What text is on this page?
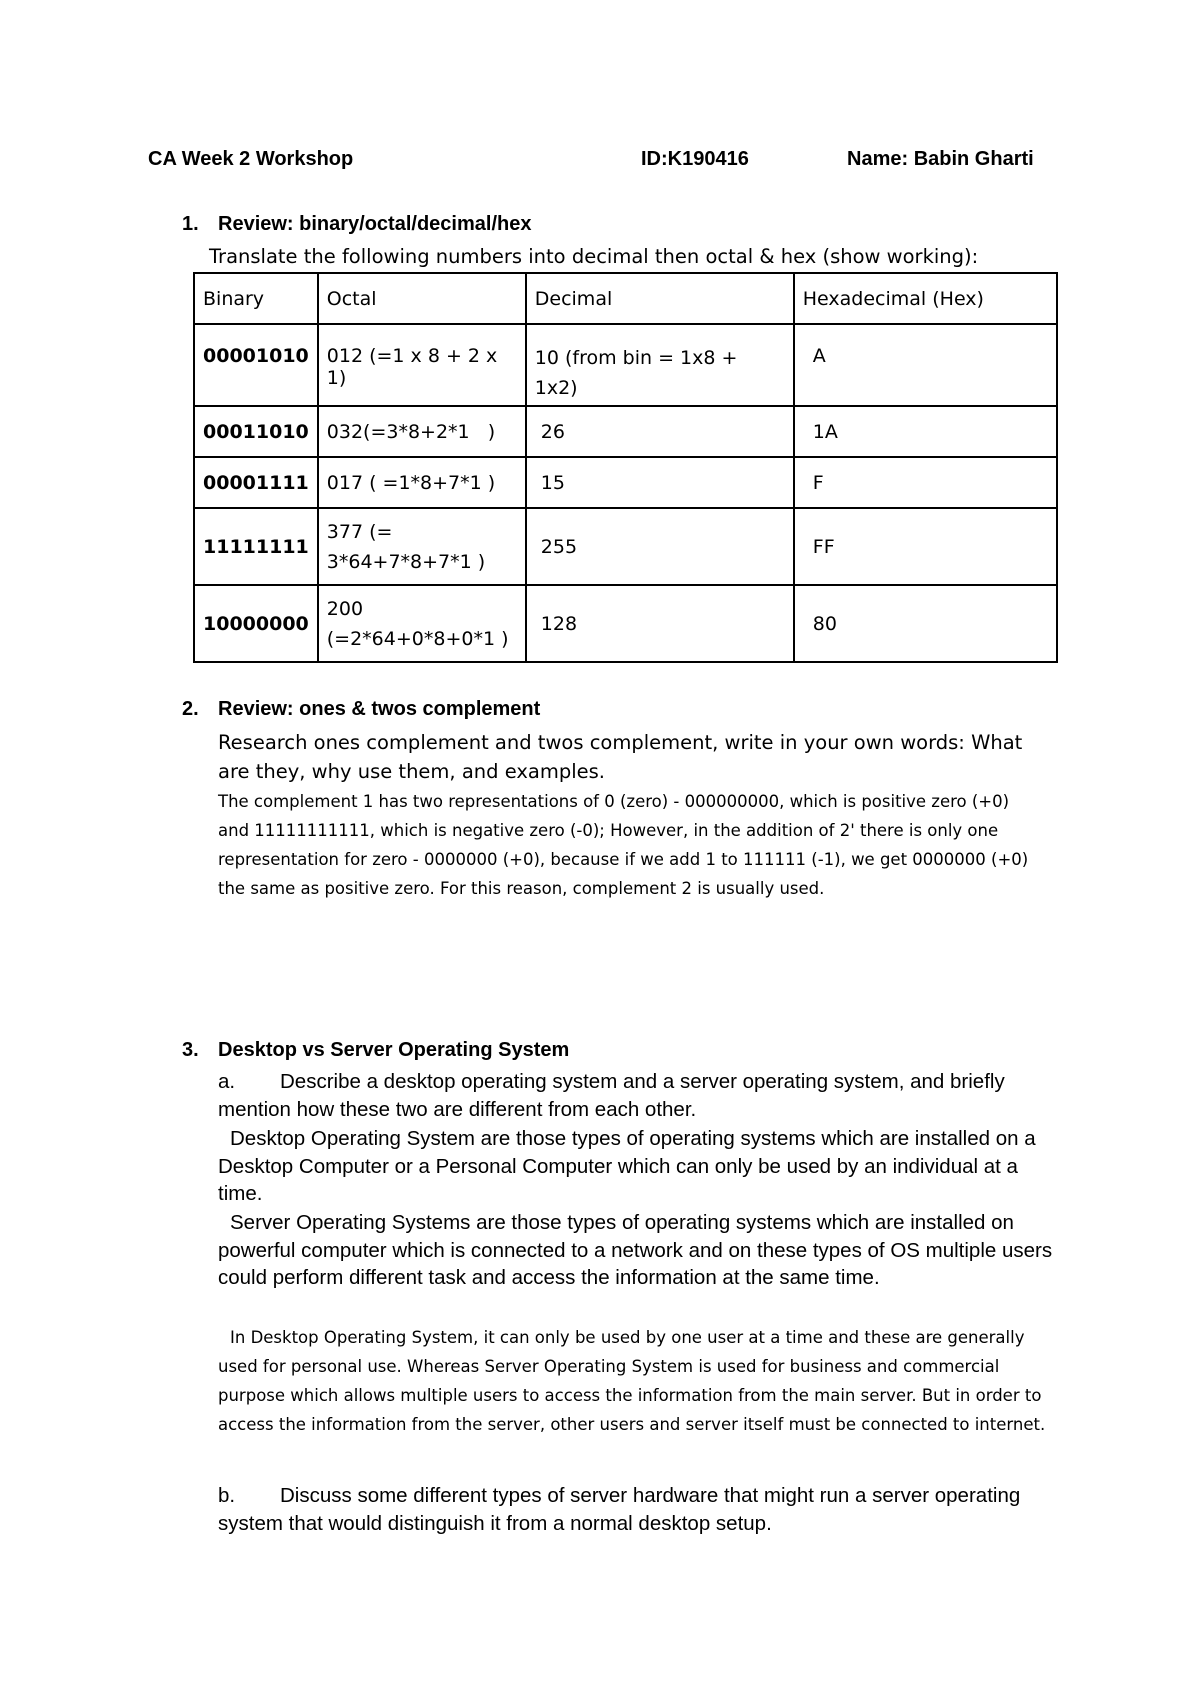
CA Week 2 Workshop	ID:K190416	Name: Babin Gharti
1. Review: binary/octal/decimal/hex
Translate the following numbers into decimal then octal & hex (show working):
Binary	Octal	Decimal	Hexadecimal (Hex)
00001010	012 (=1 x 8 + 2 x 1)	10 (from bin = 1x8 + 1x2)	A
00011010	032(=3*8+2*1   )	26	1A
00001111	017 ( =1*8+7*1 )	15	F
11111111	377 (= 3*64+7*8+7*1 )	255	FF
10000000	200 (=2*64+0*8+0*1 )	128	80
2. Review: ones & twos complement
Research ones complement and twos complement, write in your own words: What are they, why use them, and examples.
The complement 1 has two representations of 0 (zero) - 000000000, which is positive zero (+0) and 11111111111, which is negative zero (-0); However, in the addition of 2' there is only one representation for zero - 0000000 (+0), because if we add 1 to 111111 (-1), we get 0000000 (+0) the same as positive zero. For this reason, complement 2 is usually used.
3. Desktop vs Server Operating System
a. Describe a desktop operating system and a server operating system, and briefly mention how these two are different from each other.
Desktop Operating System are those types of operating systems which are installed on a Desktop Computer or a Personal Computer which can only be used by an individual at a time.
Server Operating Systems are those types of operating systems which are installed on powerful computer which is connected to a network and on these types of OS multiple users could perform different task and access the information at the same time.
In Desktop Operating System, it can only be used by one user at a time and these are generally used for personal use. Whereas Server Operating System is used for business and commercial purpose which allows multiple users to access the information from the main server. But in order to access the information from the server, other users and server itself must be connected to internet.
b. Discuss some different types of server hardware that might run a server operating system that would distinguish it from a normal desktop setup.
